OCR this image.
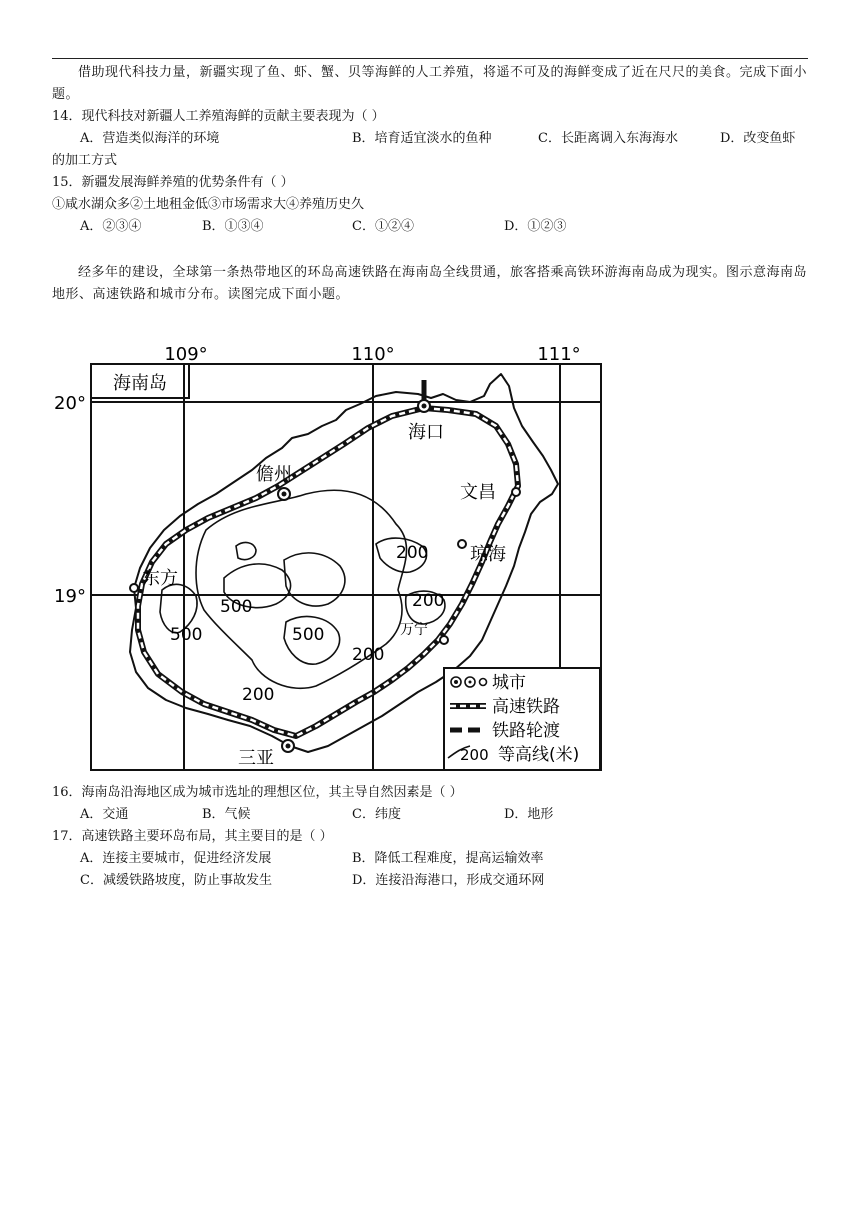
借助现代科技力量，新疆实现了鱼、虾、蟹、贝等海鲜的人工养殖，将遥不可及的海鲜变成了近在尺尺的美食。完成下面小题。
14．现代科技对新疆人工养殖海鲜的贡献主要表现为（ ）
A．营造类似海洋的环境	B．培育适宜淡水的鱼种	C．长距离调入东海海水	D．改变鱼虾
的加工方式
15．新疆发展海鲜养殖的优势条件有（ ）
①咸水湖众多②土地租金低③市场需求大④养殖历史久
A．②③④	B．①③④	C．①②④	D．①②③
经多年的建设，全球第一条热带地区的环岛高速铁路在海南岛全线贯通，旅客搭乘高铁环游海南岛成为现实。图示意海南岛地形、高速铁路和城市分布。读图完成下面小题。
海南岛
109°	110°	111°
20°
19°
200
200
500
500	500
200
200
海口
儋州
文昌
琼海
东方
万宁
三亚
城市
高速铁路
铁路轮渡
200 等高线(米)
16．海南岛沿海地区成为城市选址的理想区位，其主导自然因素是（ ）
A．交通	B．气候	C．纬度	D．地形
17．高速铁路主要环岛布局，其主要目的是（ ）
A．连接主要城市，促进经济发展	B．降低工程难度，提高运输效率
C．减缓铁路坡度，防止事故发生	D．连接沿海港口，形成交通环网
